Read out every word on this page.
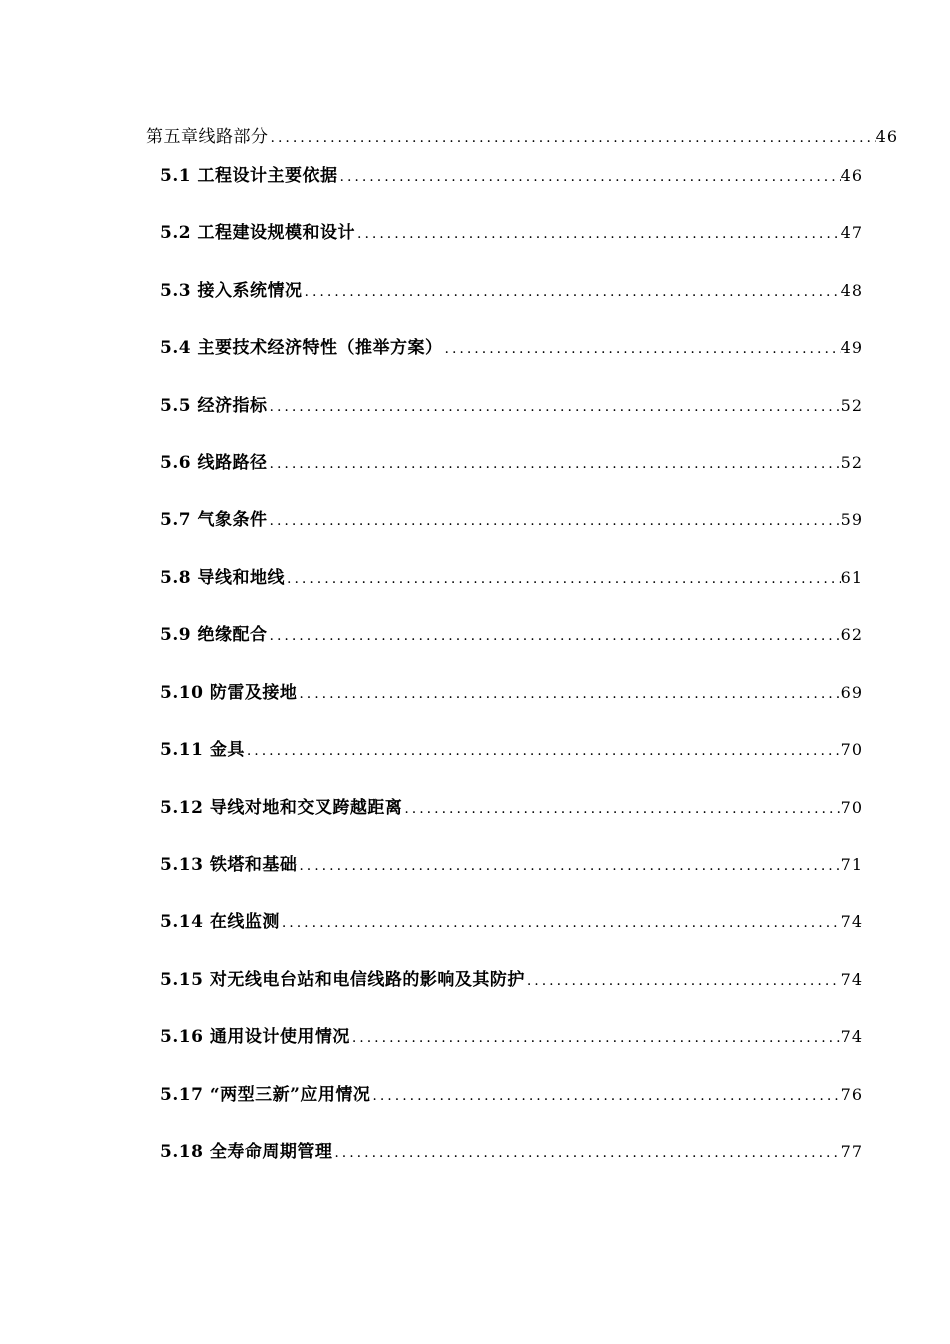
第五章线路部分 .....	46
5.1 工程设计主要依据 .....	46
5.2 工程建设规模和设计 .....	47
5.3 接入系统情况 .....	48
5.4 主要技术经济特性（推举方案） .....	49
5.5 经济指标 .....	52
5.6 线路路径 .....	52
5.7 气象条件 .....	59
5.8 导线和地线 .....	61
5.9 绝缘配合 .....	62
5.10 防雷及接地 .....	69
5.11 金具 .....	70
5.12 导线对地和交叉跨越距离 .....	70
5.13 铁塔和基础 .....	71
5.14 在线监测 .....	74
5.15 对无线电台站和电信线路的影响及其防护 .....	74
5.16 通用设计使用情况 .....	74
5.17 “两型三新”应用情况 .....	76
5.18 全寿命周期管理 .....	77
